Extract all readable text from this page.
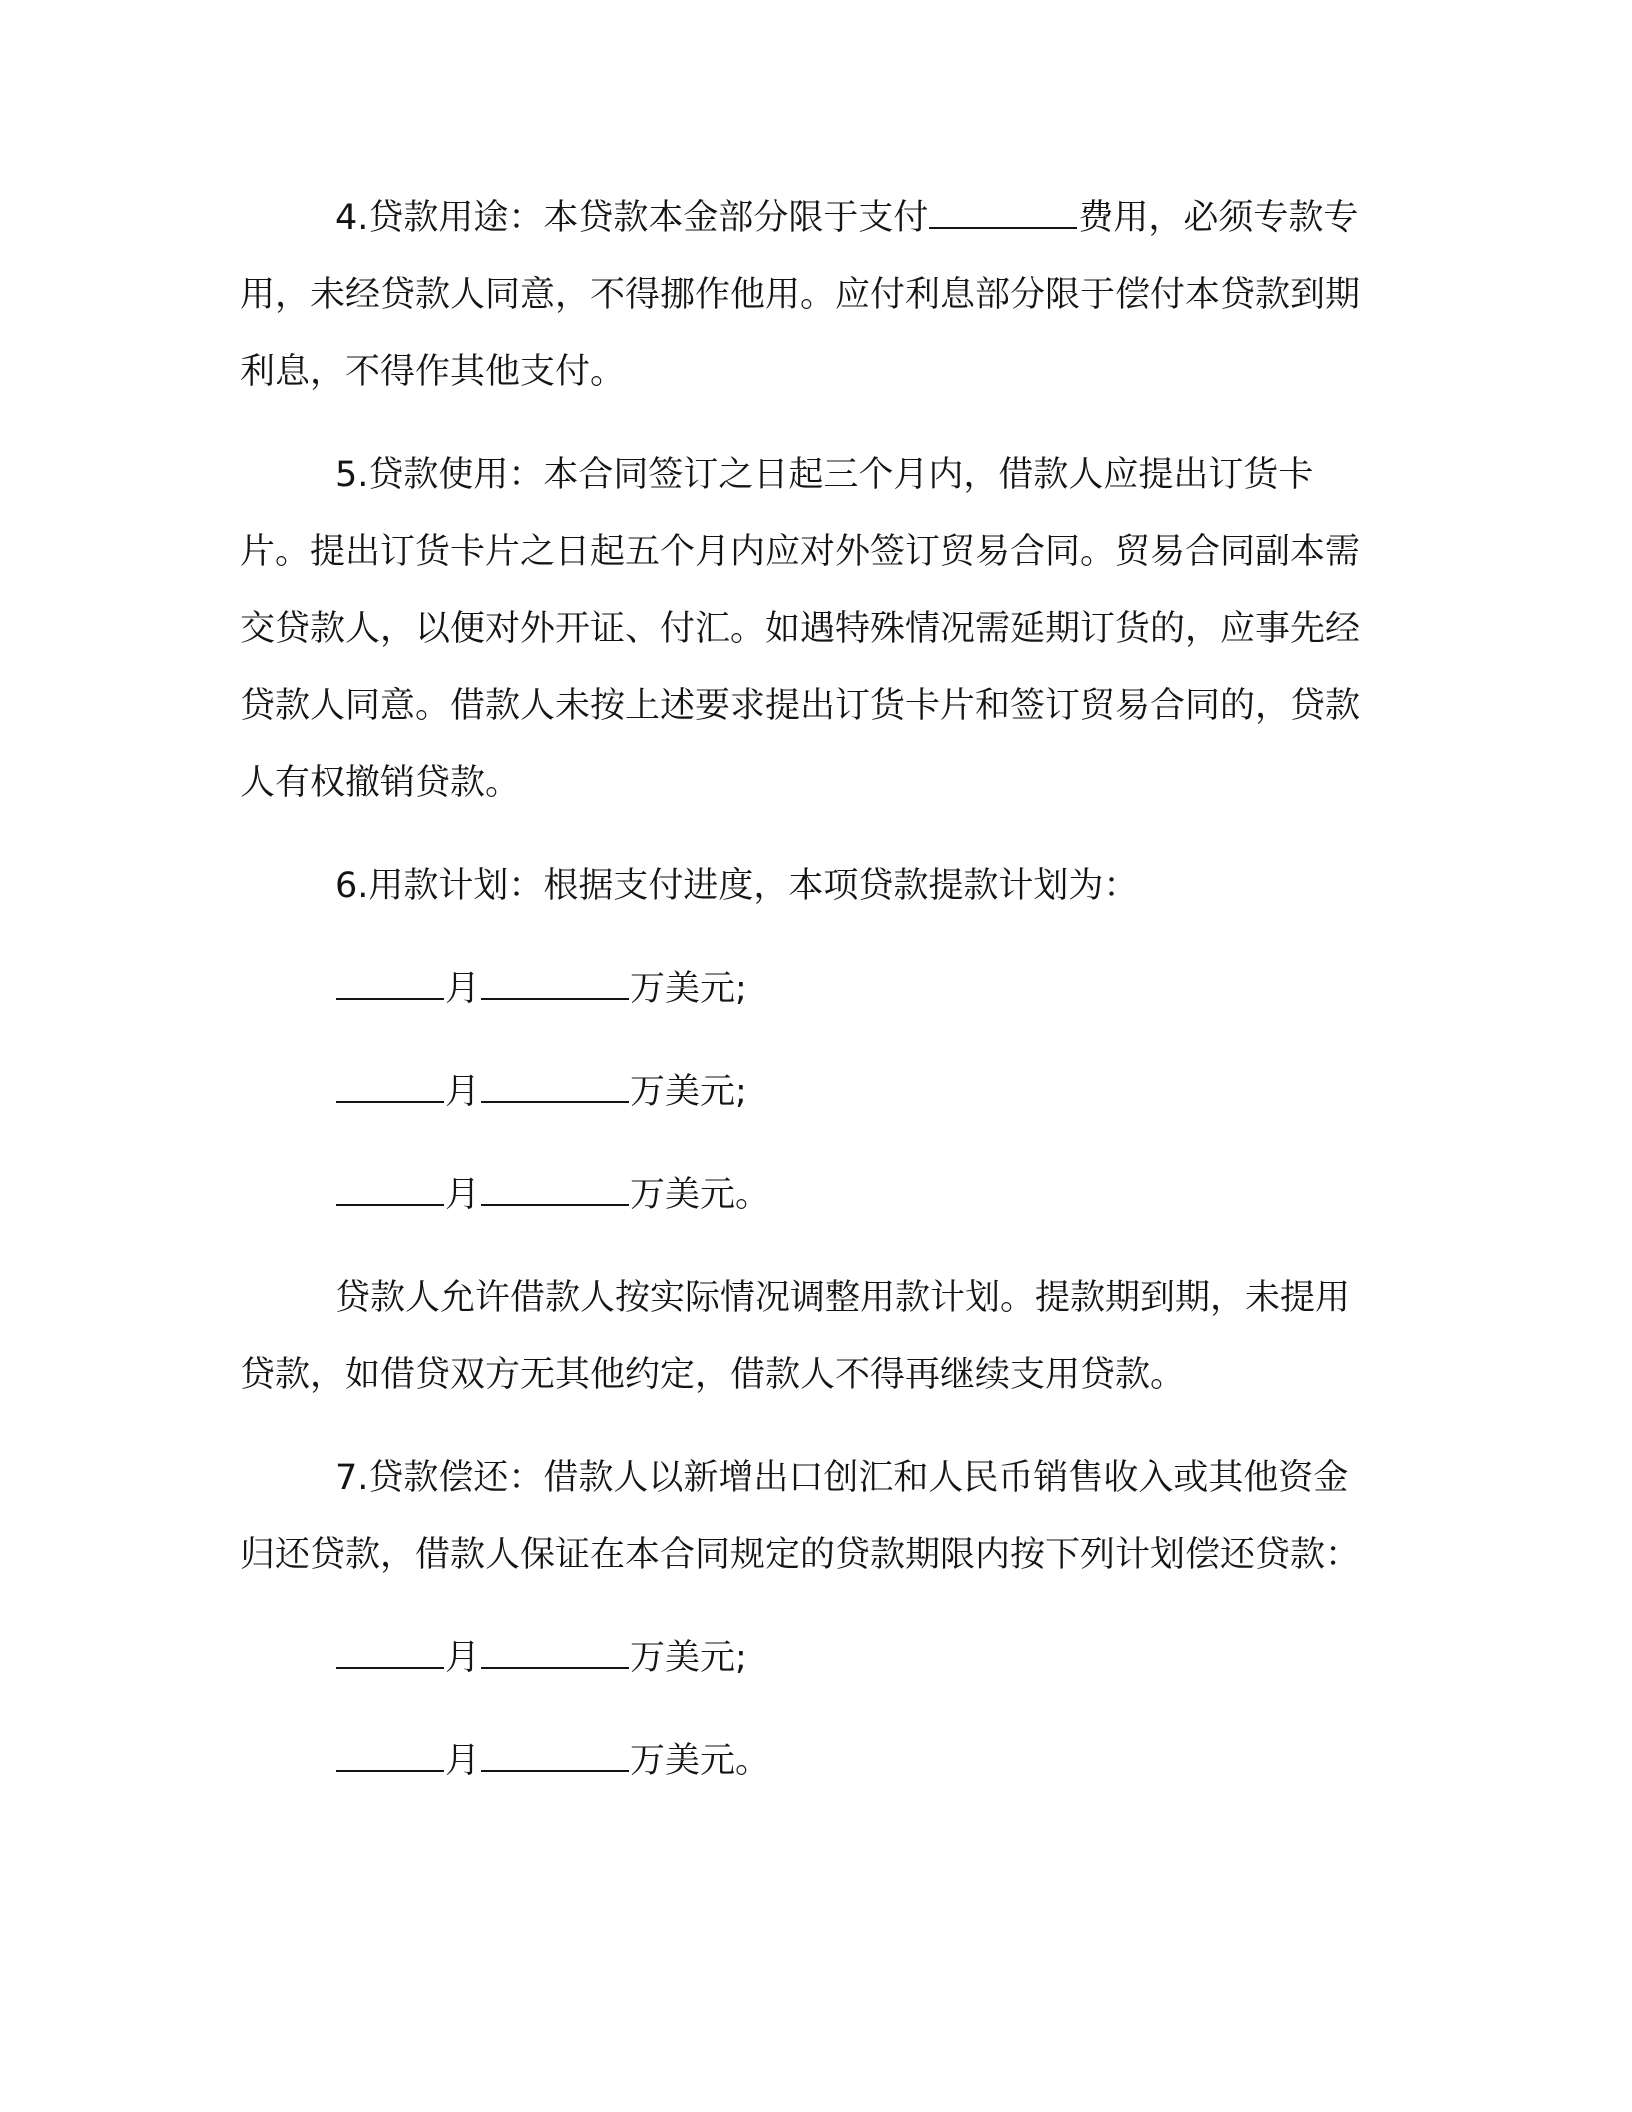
4.贷款用途：本贷款本金部分限于支付	费用，必须专款专用，未经贷款人同意，不得挪作他用。应付利息部分限于偿付本贷款到期利息，不得作其他支付。

5.贷款使用：本合同签订之日起三个月内，借款人应提出订货卡片。提出订货卡片之日起五个月内应对外签订贸易合同。贸易合同副本需交贷款人，以便对外开证、付汇。如遇特殊情况需延期订货的，应事先经贷款人同意。借款人未按上述要求提出订货卡片和签订贸易合同的，贷款人有权撤销贷款。

6.用款计划：根据支付进度，本项贷款提款计划为：

月	万美元;
月	万美元;
月	万美元。

贷款人允许借款人按实际情况调整用款计划。提款期到期，未提用贷款，如借贷双方无其他约定，借款人不得再继续支用贷款。

7.贷款偿还：借款人以新增出口创汇和人民币销售收入或其他资金归还贷款，借款人保证在本合同规定的贷款期限内按下列计划偿还贷款：

月	万美元;
月	万美元。
